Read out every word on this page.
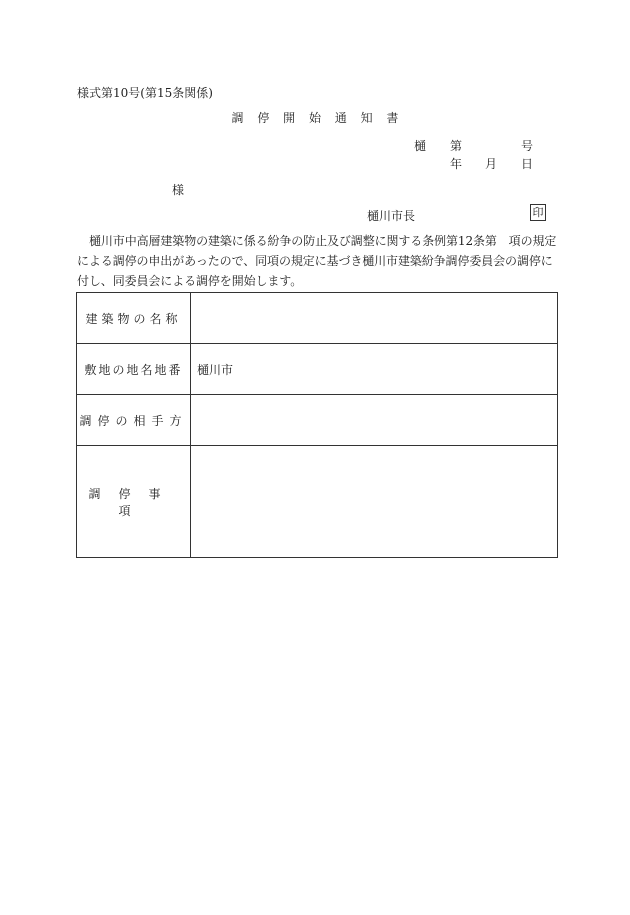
様式第10号(第15条関係)
調 停 開 始 通 知 書
樋 第	号
年 月 日
様
樋川市長	印
樋川市中高層建築物の建築に係る紛争の防止及び調整に関する条例第12条第　項の規定による調停の申出があったので、同項の規定に基づき樋川市建築紛争調停委員会の調停に付し、同委員会による調停を開始します。
建築物の名称	
敷地の地名地番	樋川市
調停の相手方	
調停事項	
